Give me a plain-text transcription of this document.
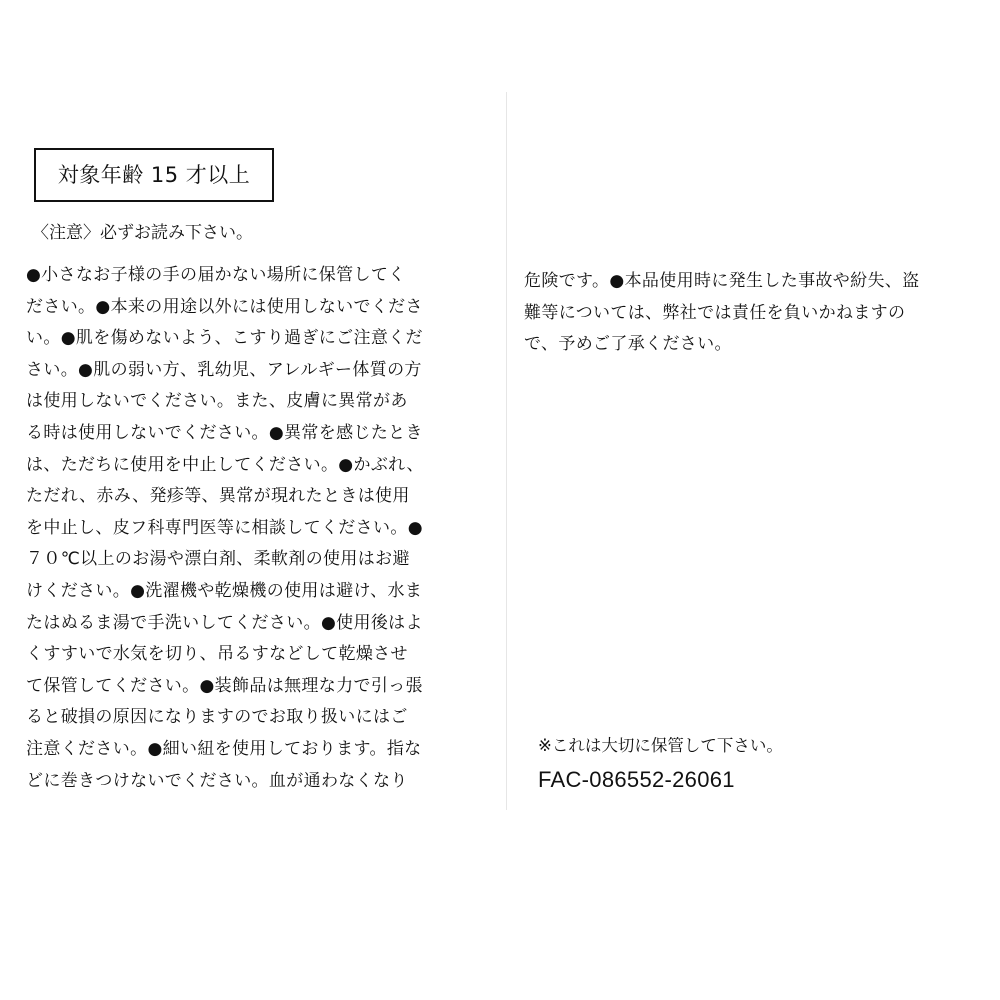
対象年齢 15 才以上
〈注意〉必ずお読み下さい。
●小さなお子様の手の届かない場所に保管してく
ださい。●本来の用途以外には使用しないでくださ
い。●肌を傷めないよう、こすり過ぎにご注意くだ
さい。●肌の弱い方、乳幼児、アレルギー体質の方
は使用しないでください。また、皮膚に異常があ
る時は使用しないでください。●異常を感じたとき
は、ただちに使用を中止してください。●かぶれ、
ただれ、赤み、発疹等、異常が現れたときは使用
を中止し、皮フ科専門医等に相談してください。●
７０℃以上のお湯や漂白剤、柔軟剤の使用はお避
けください。●洗濯機や乾燥機の使用は避け、水ま
たはぬるま湯で手洗いしてください。●使用後はよ
くすすいで水気を切り、吊るすなどして乾燥させ
て保管してください。●装飾品は無理な力で引っ張
ると破損の原因になりますのでお取り扱いにはご
注意ください。●細い紐を使用しております。指な
どに巻きつけないでください。血が通わなくなり
危険です。●本品使用時に発生した事故や紛失、盗
難等については、弊社では責任を負いかねますの
で、予めご了承ください。
※これは大切に保管して下さい。
FAC-086552-26061
